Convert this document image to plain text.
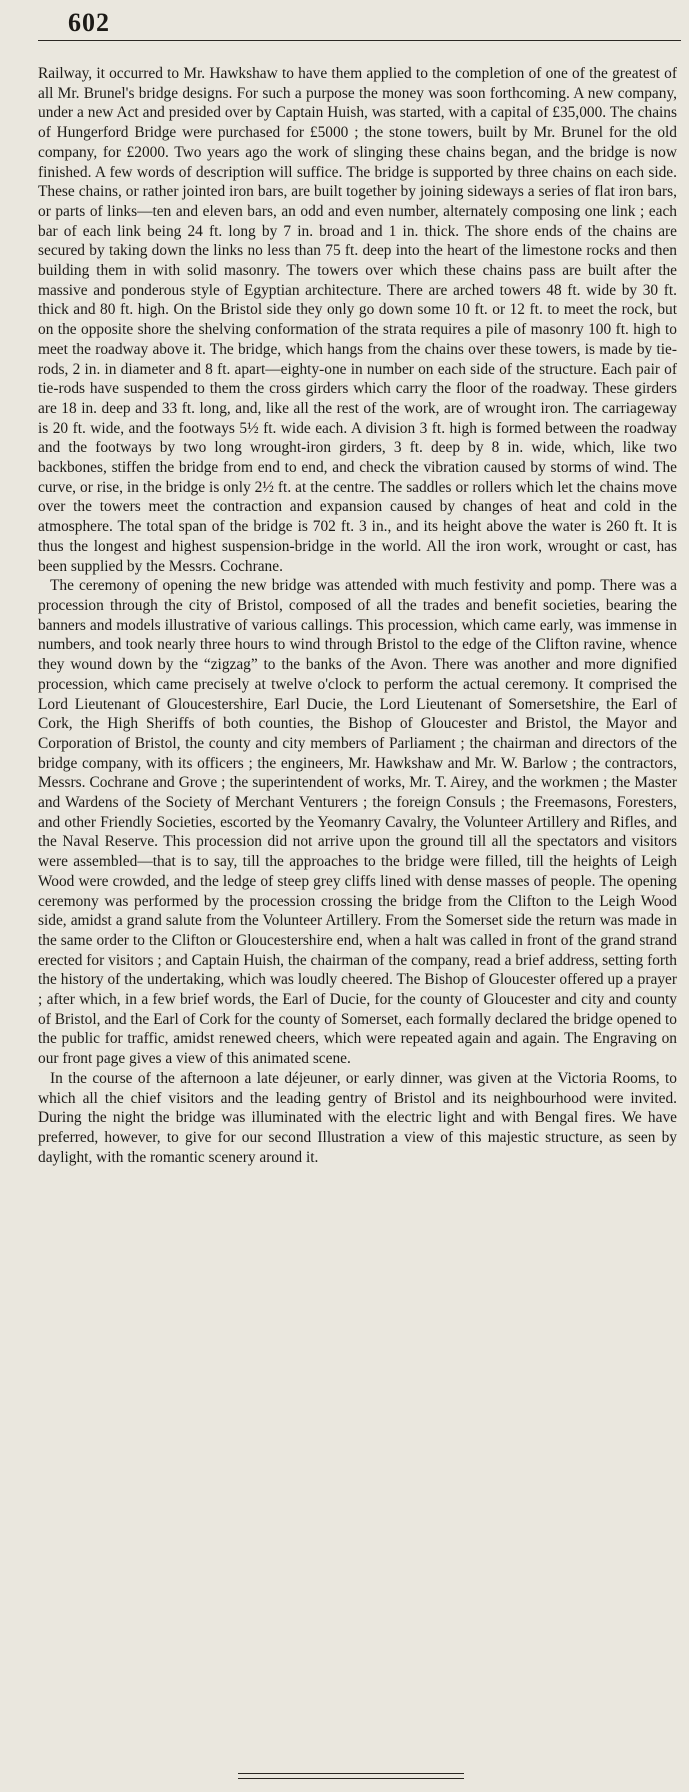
602

Railway, it occurred to Mr. Hawkshaw to have them applied to the completion of one of the greatest of all Mr. Brunel's bridge designs. For such a purpose the money was soon forthcoming. A new company, under a new Act and presided over by Captain Huish, was started, with a capital of £35,000. The chains of Hungerford Bridge were purchased for £5000 ; the stone towers, built by Mr. Brunel for the old company, for £2000. Two years ago the work of slinging these chains began, and the bridge is now finished. A few words of description will suffice. The bridge is supported by three chains on each side. These chains, or rather jointed iron bars, are built together by joining sideways a series of flat iron bars, or parts of links—ten and eleven bars, an odd and even number, alternately composing one link ; each bar of each link being 24 ft. long by 7 in. broad and 1 in. thick. The shore ends of the chains are secured by taking down the links no less than 75 ft. deep into the heart of the limestone rocks and then building them in with solid masonry. The towers over which these chains pass are built after the massive and ponderous style of Egyptian architecture. There are arched towers 48 ft. wide by 30 ft. thick and 80 ft. high. On the Bristol side they only go down some 10 ft. or 12 ft. to meet the rock, but on the opposite shore the shelving conformation of the strata requires a pile of masonry 100 ft. high to meet the roadway above it. The bridge, which hangs from the chains over these towers, is made by tie-rods, 2 in. in diameter and 8 ft. apart—eighty-one in number on each side of the structure. Each pair of tie-rods have suspended to them the cross girders which carry the floor of the roadway. These girders are 18 in. deep and 33 ft. long, and, like all the rest of the work, are of wrought iron. The carriageway is 20 ft. wide, and the footways 5½ ft. wide each. A division 3 ft. high is formed between the roadway and the footways by two long wrought-iron girders, 3 ft. deep by 8 in. wide, which, like two backbones, stiffen the bridge from end to end, and check the vibration caused by storms of wind. The curve, or rise, in the bridge is only 2½ ft. at the centre. The saddles or rollers which let the chains move over the towers meet the contraction and expansion caused by changes of heat and cold in the atmosphere. The total span of the bridge is 702 ft. 3 in., and its height above the water is 260 ft. It is thus the longest and highest suspension-bridge in the world. All the iron work, wrought or cast, has been supplied by the Messrs. Cochrane.

The ceremony of opening the new bridge was attended with much festivity and pomp. There was a procession through the city of Bristol, composed of all the trades and benefit societies, bearing the banners and models illustrative of various callings. This procession, which came early, was immense in numbers, and took nearly three hours to wind through Bristol to the edge of the Clifton ravine, whence they wound down by the “zigzag” to the banks of the Avon. There was another and more dignified procession, which came precisely at twelve o'clock to perform the actual ceremony. It comprised the Lord Lieutenant of Gloucestershire, Earl Ducie, the Lord Lieutenant of Somersetshire, the Earl of Cork, the High Sheriffs of both counties, the Bishop of Gloucester and Bristol, the Mayor and Corporation of Bristol, the county and city members of Parliament ; the chairman and directors of the bridge company, with its officers ; the engineers, Mr. Hawkshaw and Mr. W. Barlow ; the contractors, Messrs. Cochrane and Grove ; the superintendent of works, Mr. T. Airey, and the workmen ; the Master and Wardens of the Society of Merchant Venturers ; the foreign Consuls ; the Freemasons, Foresters, and other Friendly Societies, escorted by the Yeomanry Cavalry, the Volunteer Artillery and Rifles, and the Naval Reserve. This procession did not arrive upon the ground till all the spectators and visitors were assembled—that is to say, till the approaches to the bridge were filled, till the heights of Leigh Wood were crowded, and the ledge of steep grey cliffs lined with dense masses of people. The opening ceremony was performed by the procession crossing the bridge from the Clifton to the Leigh Wood side, amidst a grand salute from the Volunteer Artillery. From the Somerset side the return was made in the same order to the Clifton or Gloucestershire end, when a halt was called in front of the grand strand erected for visitors ; and Captain Huish, the chairman of the company, read a brief address, setting forth the history of the undertaking, which was loudly cheered. The Bishop of Gloucester offered up a prayer ; after which, in a few brief words, the Earl of Ducie, for the county of Gloucester and city and county of Bristol, and the Earl of Cork for the county of Somerset, each formally declared the bridge opened to the public for traffic, amidst renewed cheers, which were repeated again and again. The Engraving on our front page gives a view of this animated scene.

In the course of the afternoon a late déjeuner, or early dinner, was given at the Victoria Rooms, to which all the chief visitors and the leading gentry of Bristol and its neighbourhood were invited. During the night the bridge was illuminated with the electric light and with Bengal fires. We have preferred, however, to give for our second Illustration a view of this majestic structure, as seen by daylight, with the romantic scenery around it.
